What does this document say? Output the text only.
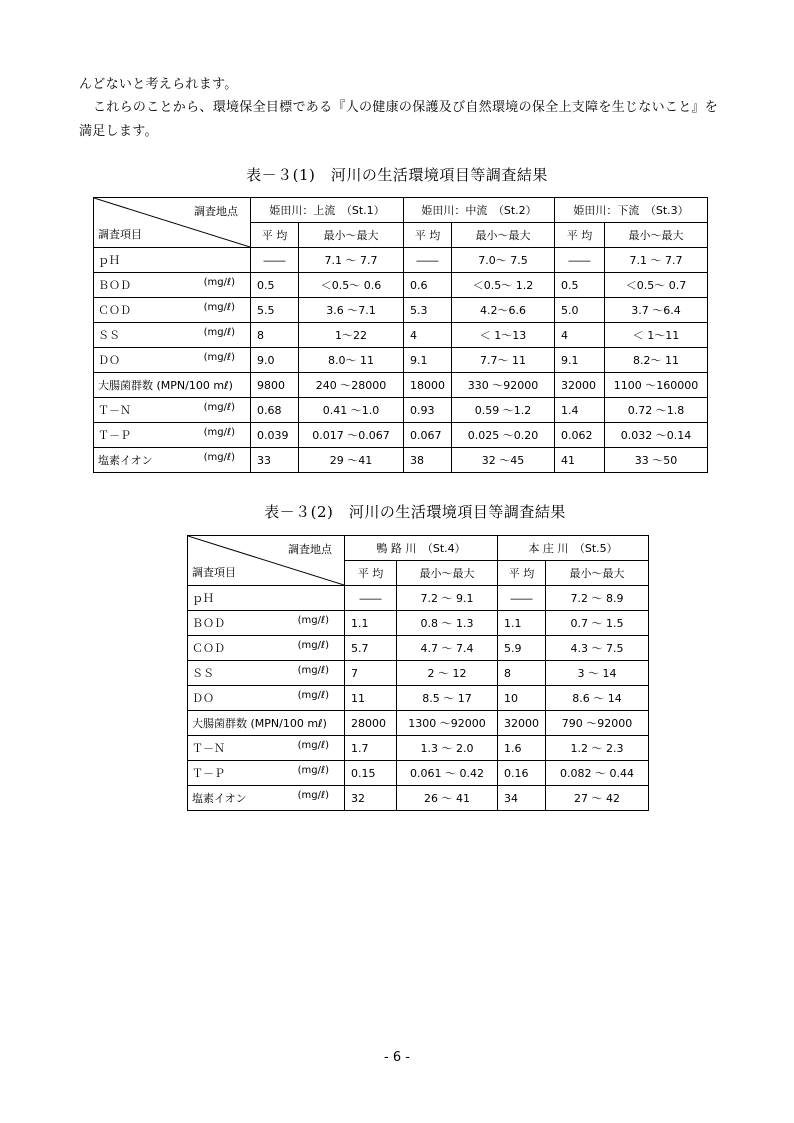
んどないと考えられます。

これらのことから、環境保全目標である『人の健康の保護及び自然環境の保全上支障を生じないこと』を満足します。

表－３(1)　河川の生活環境項目等調査結果
調査地点
調査項目	姫田川：上流　（St.1）		姫田川：中流　（St.2）		姫田川：下流　（St.3）	
	平 均	最小～最大	平 均	最小～最大	平 均	最小～最大

ｐＨ	――	7.1 ～ 7.7	――	7.0～ 7.5	――	7.1 ～ 7.7

ＢＯＤ (mg/ℓ)	0.5	＜0.5～ 0.6	0.6	＜0.5～ 1.2	0.5	＜0.5～ 0.7

ＣＯＤ (mg/ℓ)	5.5	3.6 ～7.1	5.3	4.2～6.6	5.0	3.7 ～6.4

ＳＳ (mg/ℓ)	8	1～22	4	＜ 1～13	4	＜ 1～11

ＤＯ (mg/ℓ)	9.0	8.0～ 11	9.1	7.7～ 11	9.1	8.2～ 11

大腸菌群数 (MPN/100 mℓ)	9800	240 ～28000	18000	330 ～92000	32000	1100 ～160000

Ｔ－Ｎ (mg/ℓ)	0.68	0.41 ～1.0	0.93	0.59 ～1.2	1.4	0.72 ～1.8

Ｔ－Ｐ (mg/ℓ)	0.039	0.017 ～0.067	0.067	0.025 ～0.20	0.062	0.032 ～0.14

塩素イオン (mg/ℓ)	33	29 ～41	38	32 ～45	41	33 ～50
表－３(2)　河川の生活環境項目等調査結果
調査地点
調査項目	鴨 路 川　（St.4）		本 庄 川　（St.5）	
	平 均	最小～最大	平 均	最小～最大

ｐＨ	――	7.2 ～ 9.1	――	7.2 ～ 8.9

ＢＯＤ (mg/ℓ)	1.1	0.8 ～ 1.3	1.1	0.7 ～ 1.5

ＣＯＤ (mg/ℓ)	5.7	4.7 ～ 7.4	5.9	4.3 ～ 7.5

ＳＳ (mg/ℓ)	7	2 ～ 12	8	3 ～ 14

ＤＯ (mg/ℓ)	11	8.5 ～ 17	10	8.6 ～ 14

大腸菌群数 (MPN/100 mℓ)	28000	1300 ～92000	32000	790 ～92000

Ｔ－Ｎ (mg/ℓ)	1.7	1.3 ～ 2.0	1.6	1.2 ～ 2.3

Ｔ－Ｐ (mg/ℓ)	0.15	0.061 ～ 0.42	0.16	0.082 ～ 0.44

塩素イオン (mg/ℓ)	32	26 ～ 41	34	27 ～ 42
- 6 -
